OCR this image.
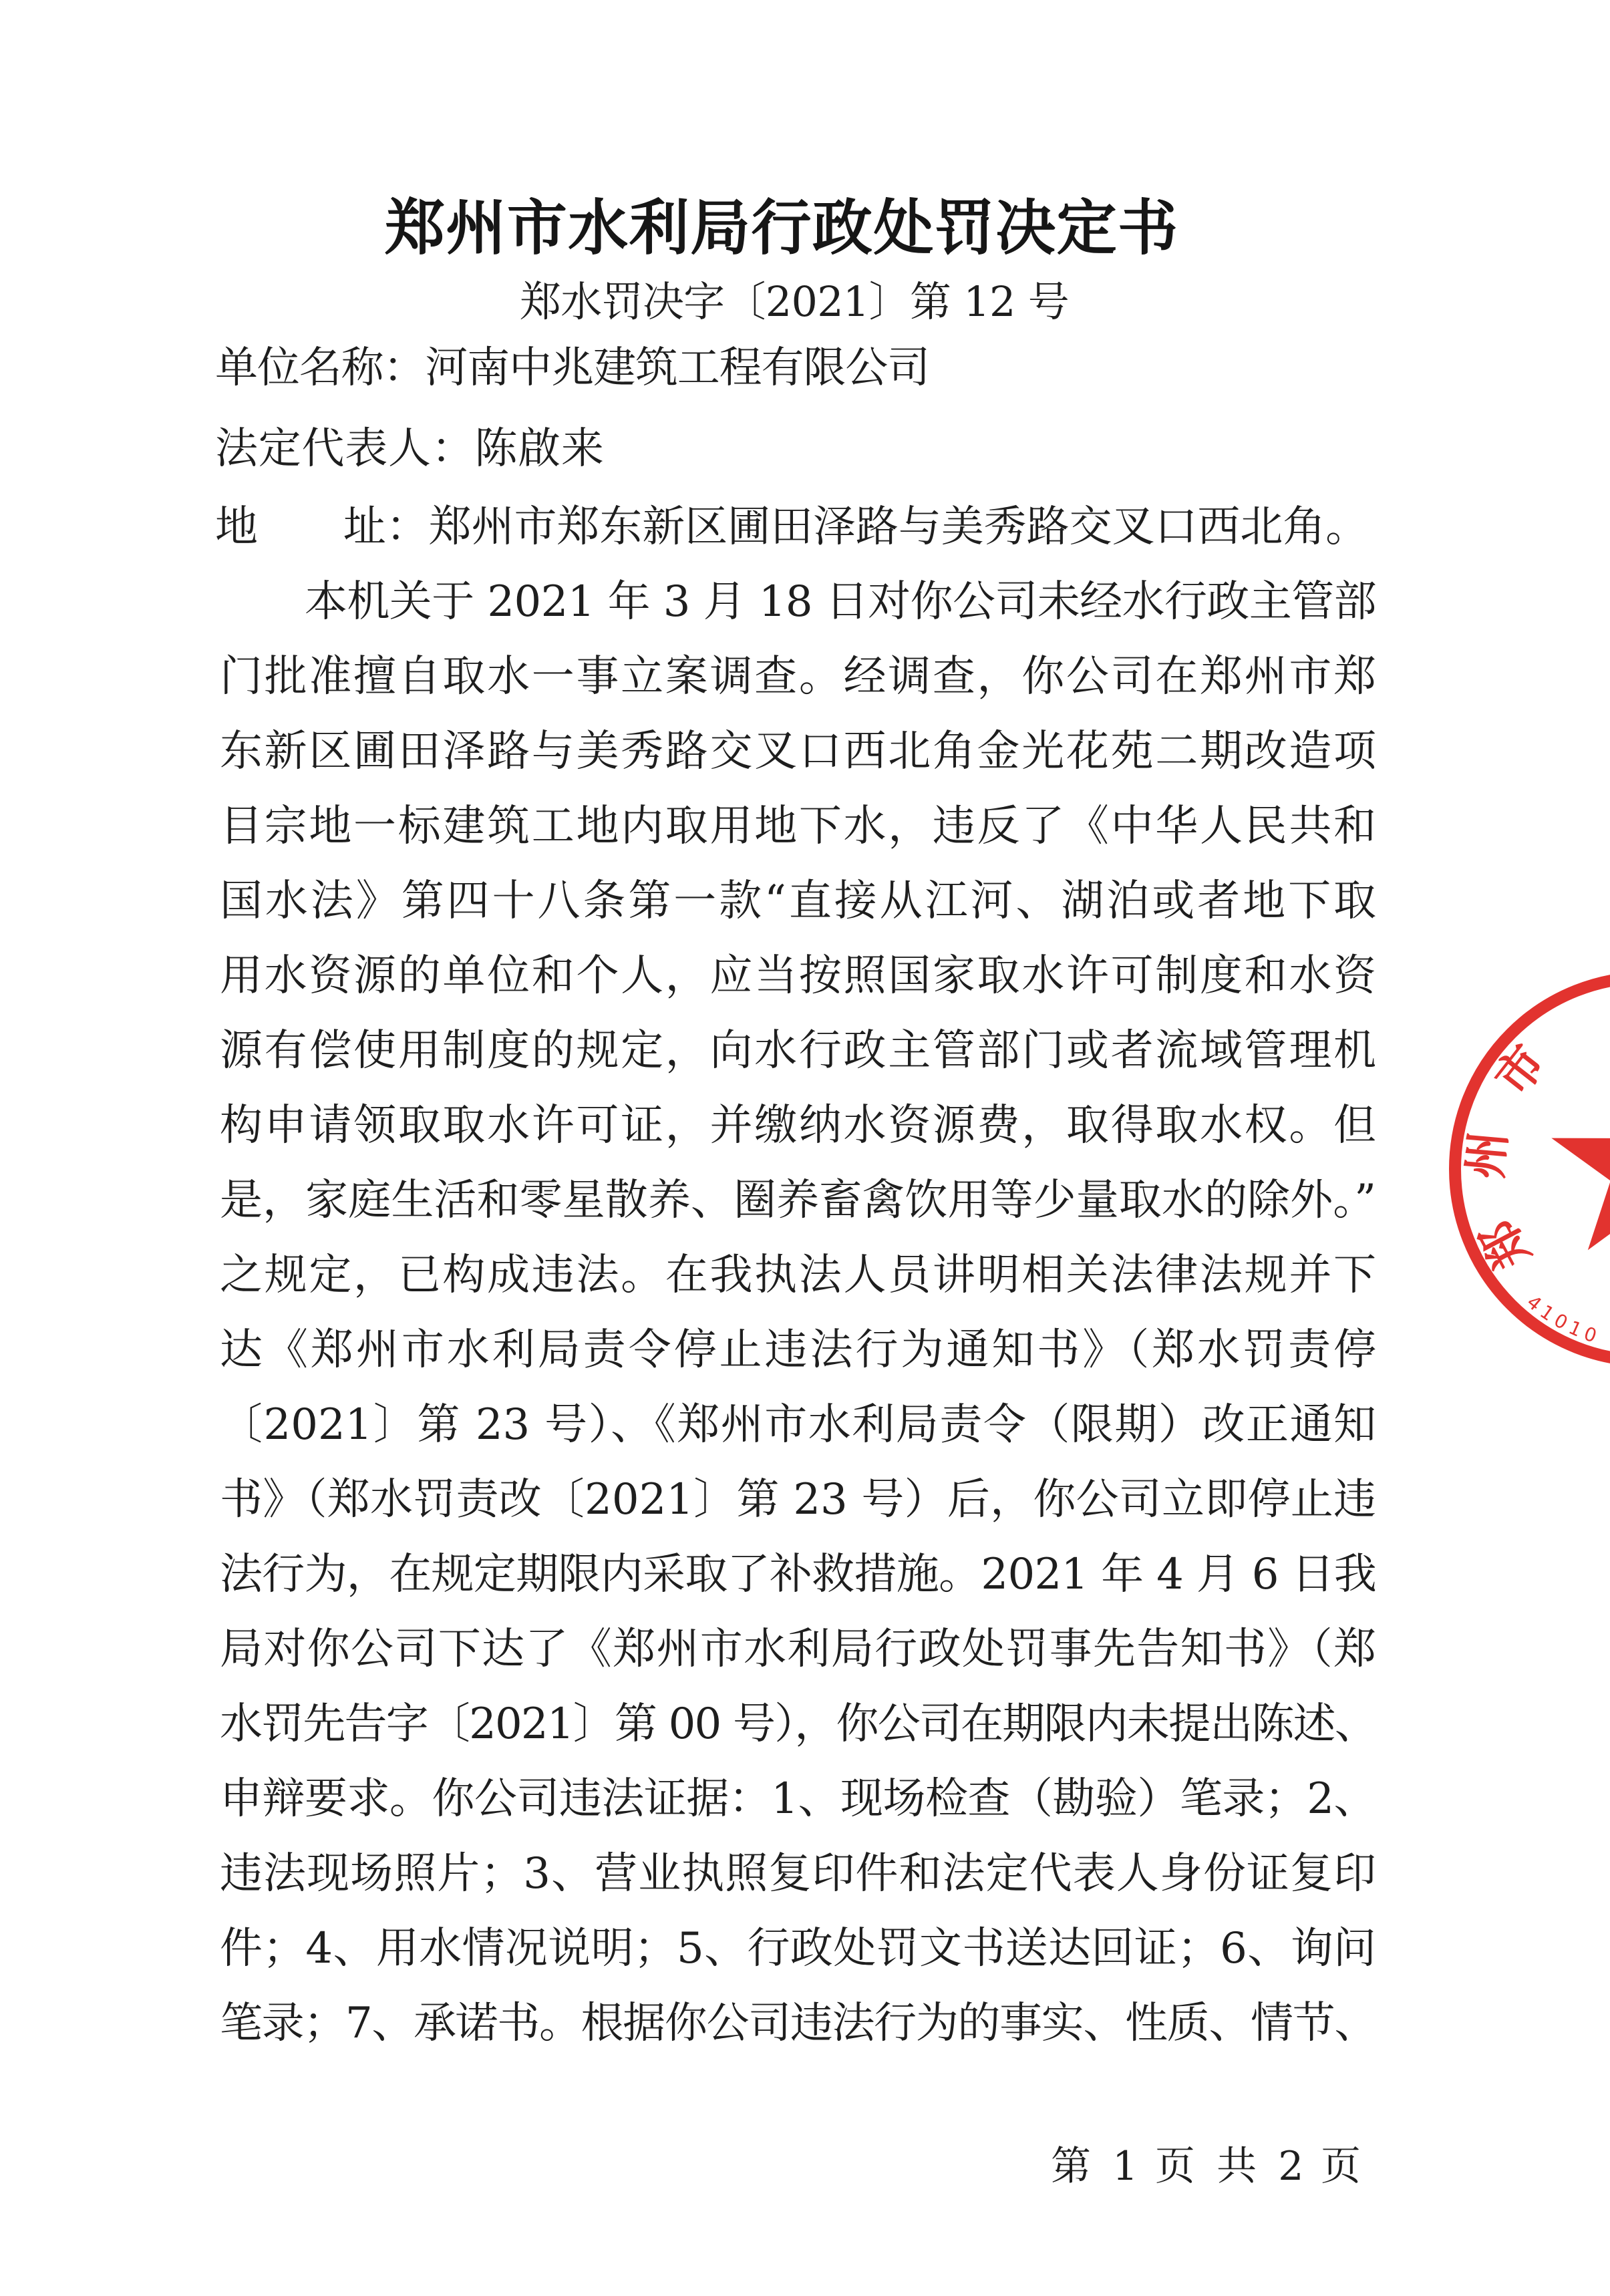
郑州市水利局行政处罚决定书
郑水罚决字〔2021〕第 12 号
单位名称：河南中兆建筑工程有限公司
法定代表人：陈啟来
地　　址：郑州市郑东新区圃田泽路与美秀路交叉口西北角。
本机关于 2021 年 3 月 18 日对你公司未经水行政主管部
门批准擅自取水一事立案调查。经调查，你公司在郑州市郑
东新区圃田泽路与美秀路交叉口西北角金光花苑二期改造项
目宗地一标建筑工地内取用地下水，违反了《中华人民共和
国水法》第四十八条第一款“直接从江河、湖泊或者地下取
用水资源的单位和个人，应当按照国家取水许可制度和水资
源有偿使用制度的规定，向水行政主管部门或者流域管理机
构申请领取取水许可证，并缴纳水资源费，取得取水权。但
是，家庭生活和零星散养、圈养畜禽饮用等少量取水的除外。”
之规定，已构成违法。在我执法人员讲明相关法律法规并下
达《郑州市水利局责令停止违法行为通知书》（郑水罚责停
〔2021〕第 23 号）、《郑州市水利局责令（限期）改正通知
书》（郑水罚责改〔2021〕第 23 号）后，你公司立即停止违
法行为，在规定期限内采取了补救措施。2021 年 4 月 6 日我
局对你公司下达了《郑州市水利局行政处罚事先告知书》（郑
水罚先告字〔2021〕第 00 号），你公司在期限内未提出陈述、
申辩要求。你公司违法证据：1、现场检查（勘验）笔录；2、
违法现场照片；3、营业执照复印件和法定代表人身份证复印
件；4、用水情况说明；5、行政处罚文书送达回证；6、询问
笔录；7、承诺书。根据你公司违法行为的事实、性质、情节、
第 1 页 共 2 页
郑
州
市
4
1
0
1
0
